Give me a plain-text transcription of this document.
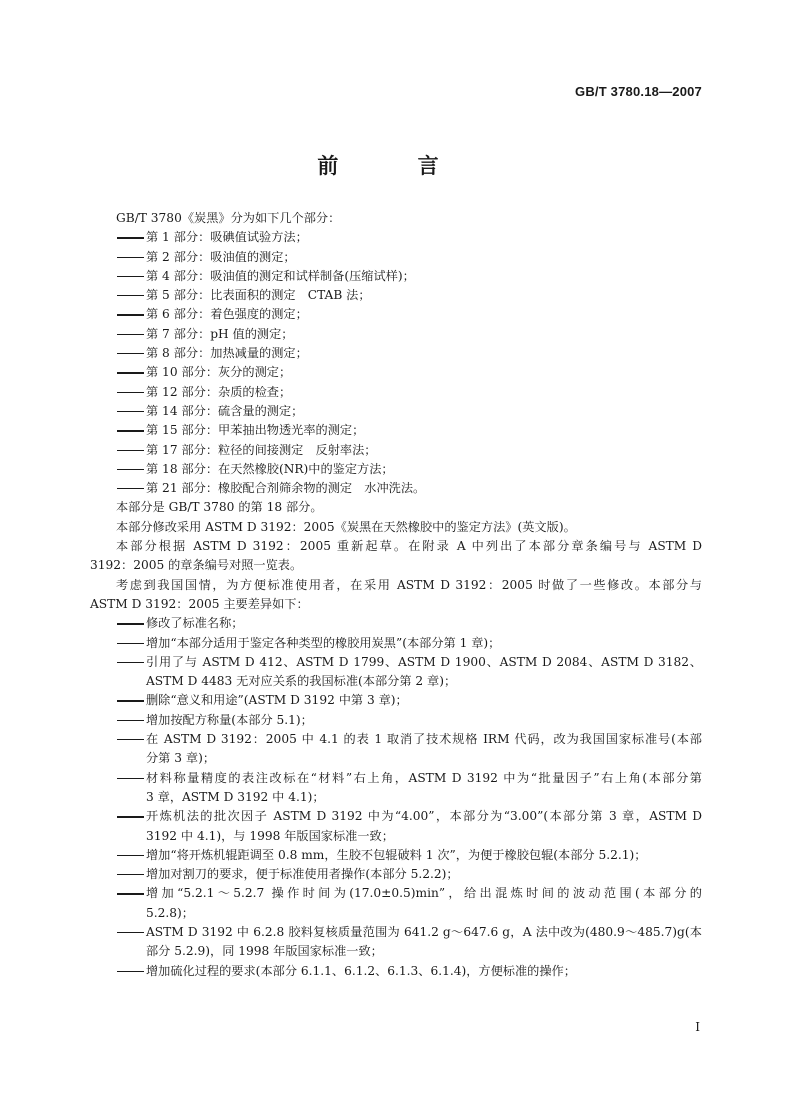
GB/T 3780.18—2007
前 言

GB/T 3780《炭黑》分为如下几个部分：

第 1 部分：吸碘值试验方法；

第 2 部分：吸油值的测定；

第 4 部分：吸油值的测定和试样制备(压缩试样)；

第 5 部分：比表面积的测定　CTAB 法；

第 6 部分：着色强度的测定；

第 7 部分：pH 值的测定；

第 8 部分：加热减量的测定；

第 10 部分：灰分的测定；

第 12 部分：杂质的检查；

第 14 部分：硫含量的测定；

第 15 部分：甲苯抽出物透光率的测定；

第 17 部分：粒径的间接测定　反射率法；

第 18 部分：在天然橡胶(NR)中的鉴定方法；

第 21 部分：橡胶配合剂筛余物的测定　水冲洗法。

本部分是 GB/T 3780 的第 18 部分。

本部分修改采用 ASTM D 3192：2005《炭黑在天然橡胶中的鉴定方法》(英文版)。

本部分根据 ASTM D 3192：2005 重新起草。在附录 A 中列出了本部分章条编号与 ASTM D

3192：2005 的章条编号对照一览表。

考虑到我国国情，为方便标准使用者，在采用 ASTM D 3192：2005 时做了一些修改。本部分与

ASTM D 3192：2005 主要差异如下：

修改了标准名称；

增加“本部分适用于鉴定各种类型的橡胶用炭黑”(本部分第 1 章)；

引用了与 ASTM D 412、ASTM D 1799、ASTM D 1900、ASTM D 2084、ASTM D 3182、

ASTM D 4483 无对应关系的我国标准(本部分第 2 章)；

删除“意义和用途”(ASTM D 3192 中第 3 章)；

增加按配方称量(本部分 5.1)；

在 ASTM D 3192：2005 中 4.1 的表 1 取消了技术规格 IRM 代码，改为我国国家标准号(本部

分第 3 章)；

材料称量精度的表注改标在“材料”右上角，ASTM D 3192 中为“批量因子”右上角(本部分第

3 章，ASTM D 3192 中 4.1)；

开炼机法的批次因子 ASTM D 3192 中为“4.00”，本部分为“3.00”(本部分第 3 章，ASTM D

3192 中 4.1)，与 1998 年版国家标准一致；

增加“将开炼机辊距调至 0.8 mm，生胶不包辊破料 1 次”，为便于橡胶包辊(本部分 5.2.1)；

增加对割刀的要求，便于标准使用者操作(本部分 5.2.2)；

增加“5.2.1～5.2.7 操作时间为(17.0±0.5)min”，给出混炼时间的波动范围(本部分的

5.2.8)；

ASTM D 3192 中 6.2.8 胶料复核质量范围为 641.2 g～647.6 g，A 法中改为(480.9～485.7)g(本

部分 5.2.9)，同 1998 年版国家标准一致；

增加硫化过程的要求(本部分 6.1.1、6.1.2、6.1.3、6.1.4)，方便标准的操作；

I
